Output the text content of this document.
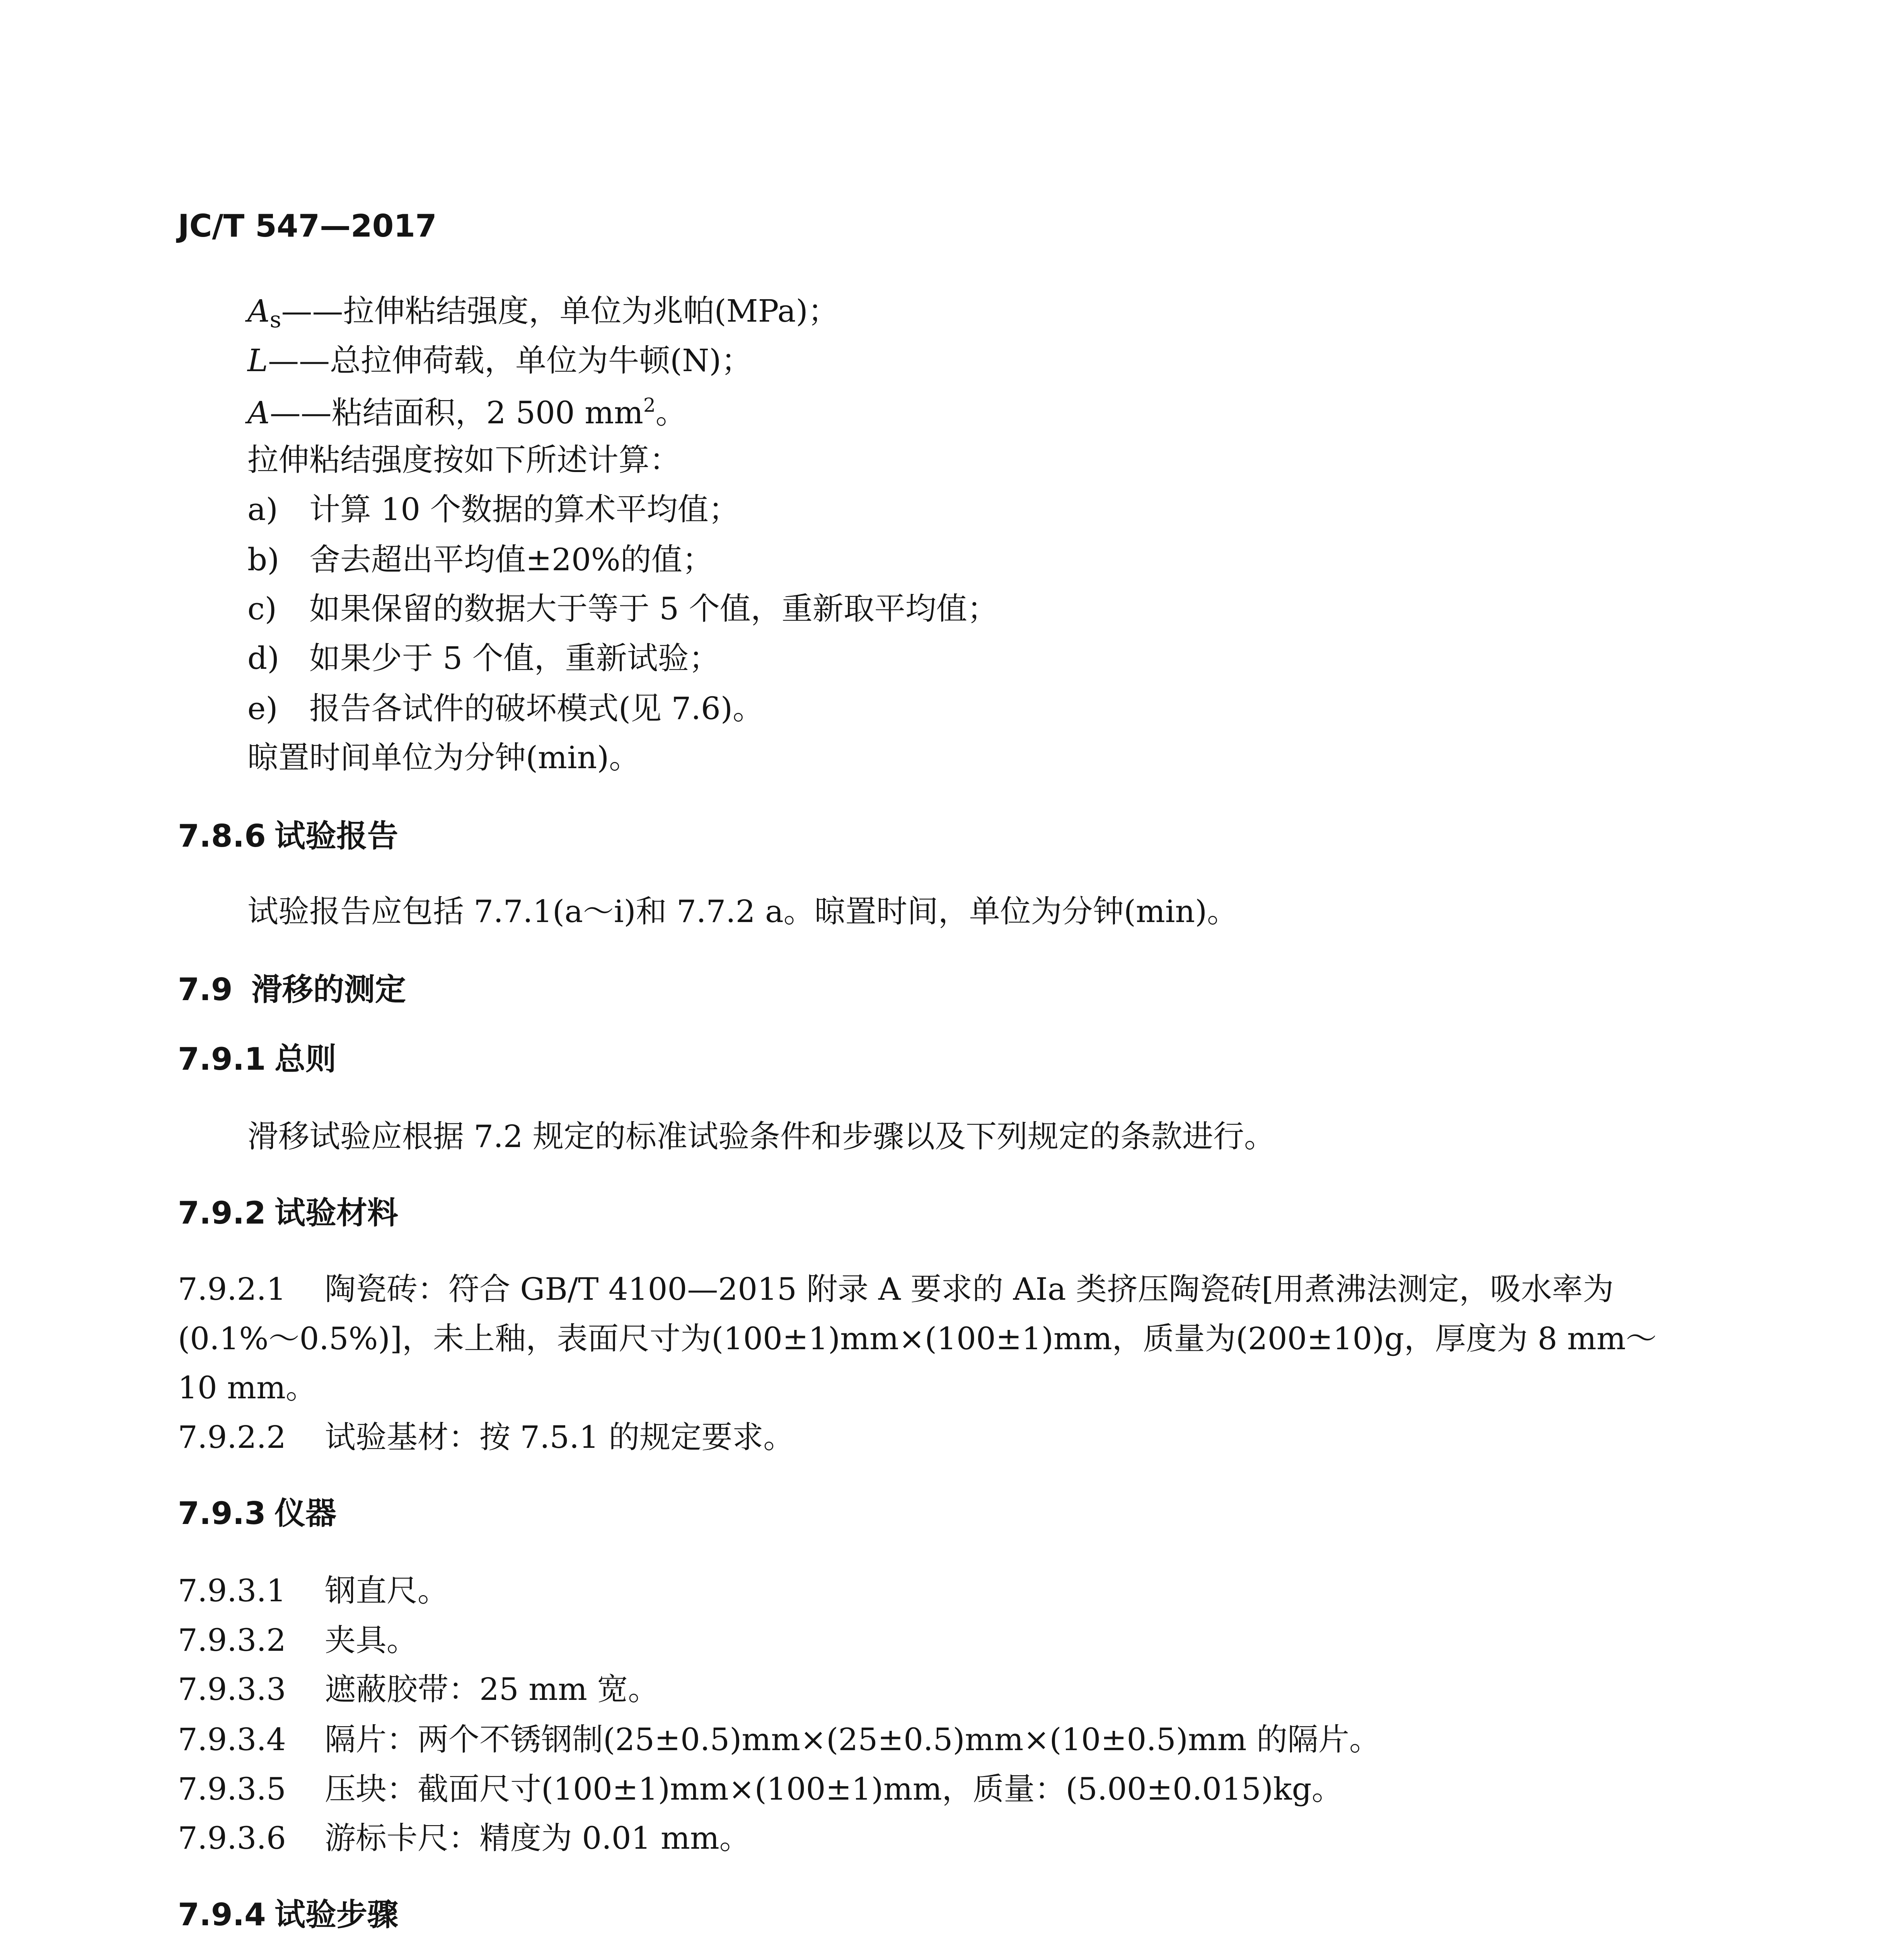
JC/T 547—2017
$A_s——$拉伸粘结强度，单位为兆帕(MPa)；
L——总拉伸荷载，单位为牛顿(N)；
A——粘结面积，2 500 $mm^2$。
拉伸粘结强度按如下所述计算：
a) 计算 10 个数据的算术平均值；
b) 舍去超出平均值±20%的值；
c) 如果保留的数据大于等于 5 个值，重新取平均值；
d) 如果少于 5 个值，重新试验；
e) 报告各试件的破坏模式(见 7.6)。
晾置时间单位为分钟(min)。
7.8.6 试验报告
试验报告应包括 7.7.1(a～i)和 7.7.2 a。晾置时间，单位为分钟(min)。
7.9 滑移的测定
7.9.1 总则
滑移试验应根据 7.2 规定的标准试验条件和步骤以及下列规定的条款进行。
7.9.2 试验材料
7.9.2.1 陶瓷砖：符合 GB/T 4100—2015 附录 A 要求的 AⅠa 类挤压陶瓷砖[用煮沸法测定，吸水率为
(0.1%～0.5%)]，未上釉，表面尺寸为(100±1)mm×(100±1)mm，质量为(200±10)g，厚度为 8 mm～
10 mm。
7.9.2.2 试验基材：按 7.5.1 的规定要求。
7.9.3 仪器
7.9.3.1 钢直尺。
7.9.3.2 夹具。
7.9.3.3 遮蔽胶带：25 mm 宽。
7.9.3.4 隔片：两个不锈钢制(25±0.5)mm×(25±0.5)mm×(10±0.5)mm 的隔片。
7.9.3.5 压块：截面尺寸(100±1)mm×(100±1)mm，质量：(5.00±0.015)kg。
7.9.3.6 游标卡尺：精度为 0.01 mm。
7.9.4 试验步骤
